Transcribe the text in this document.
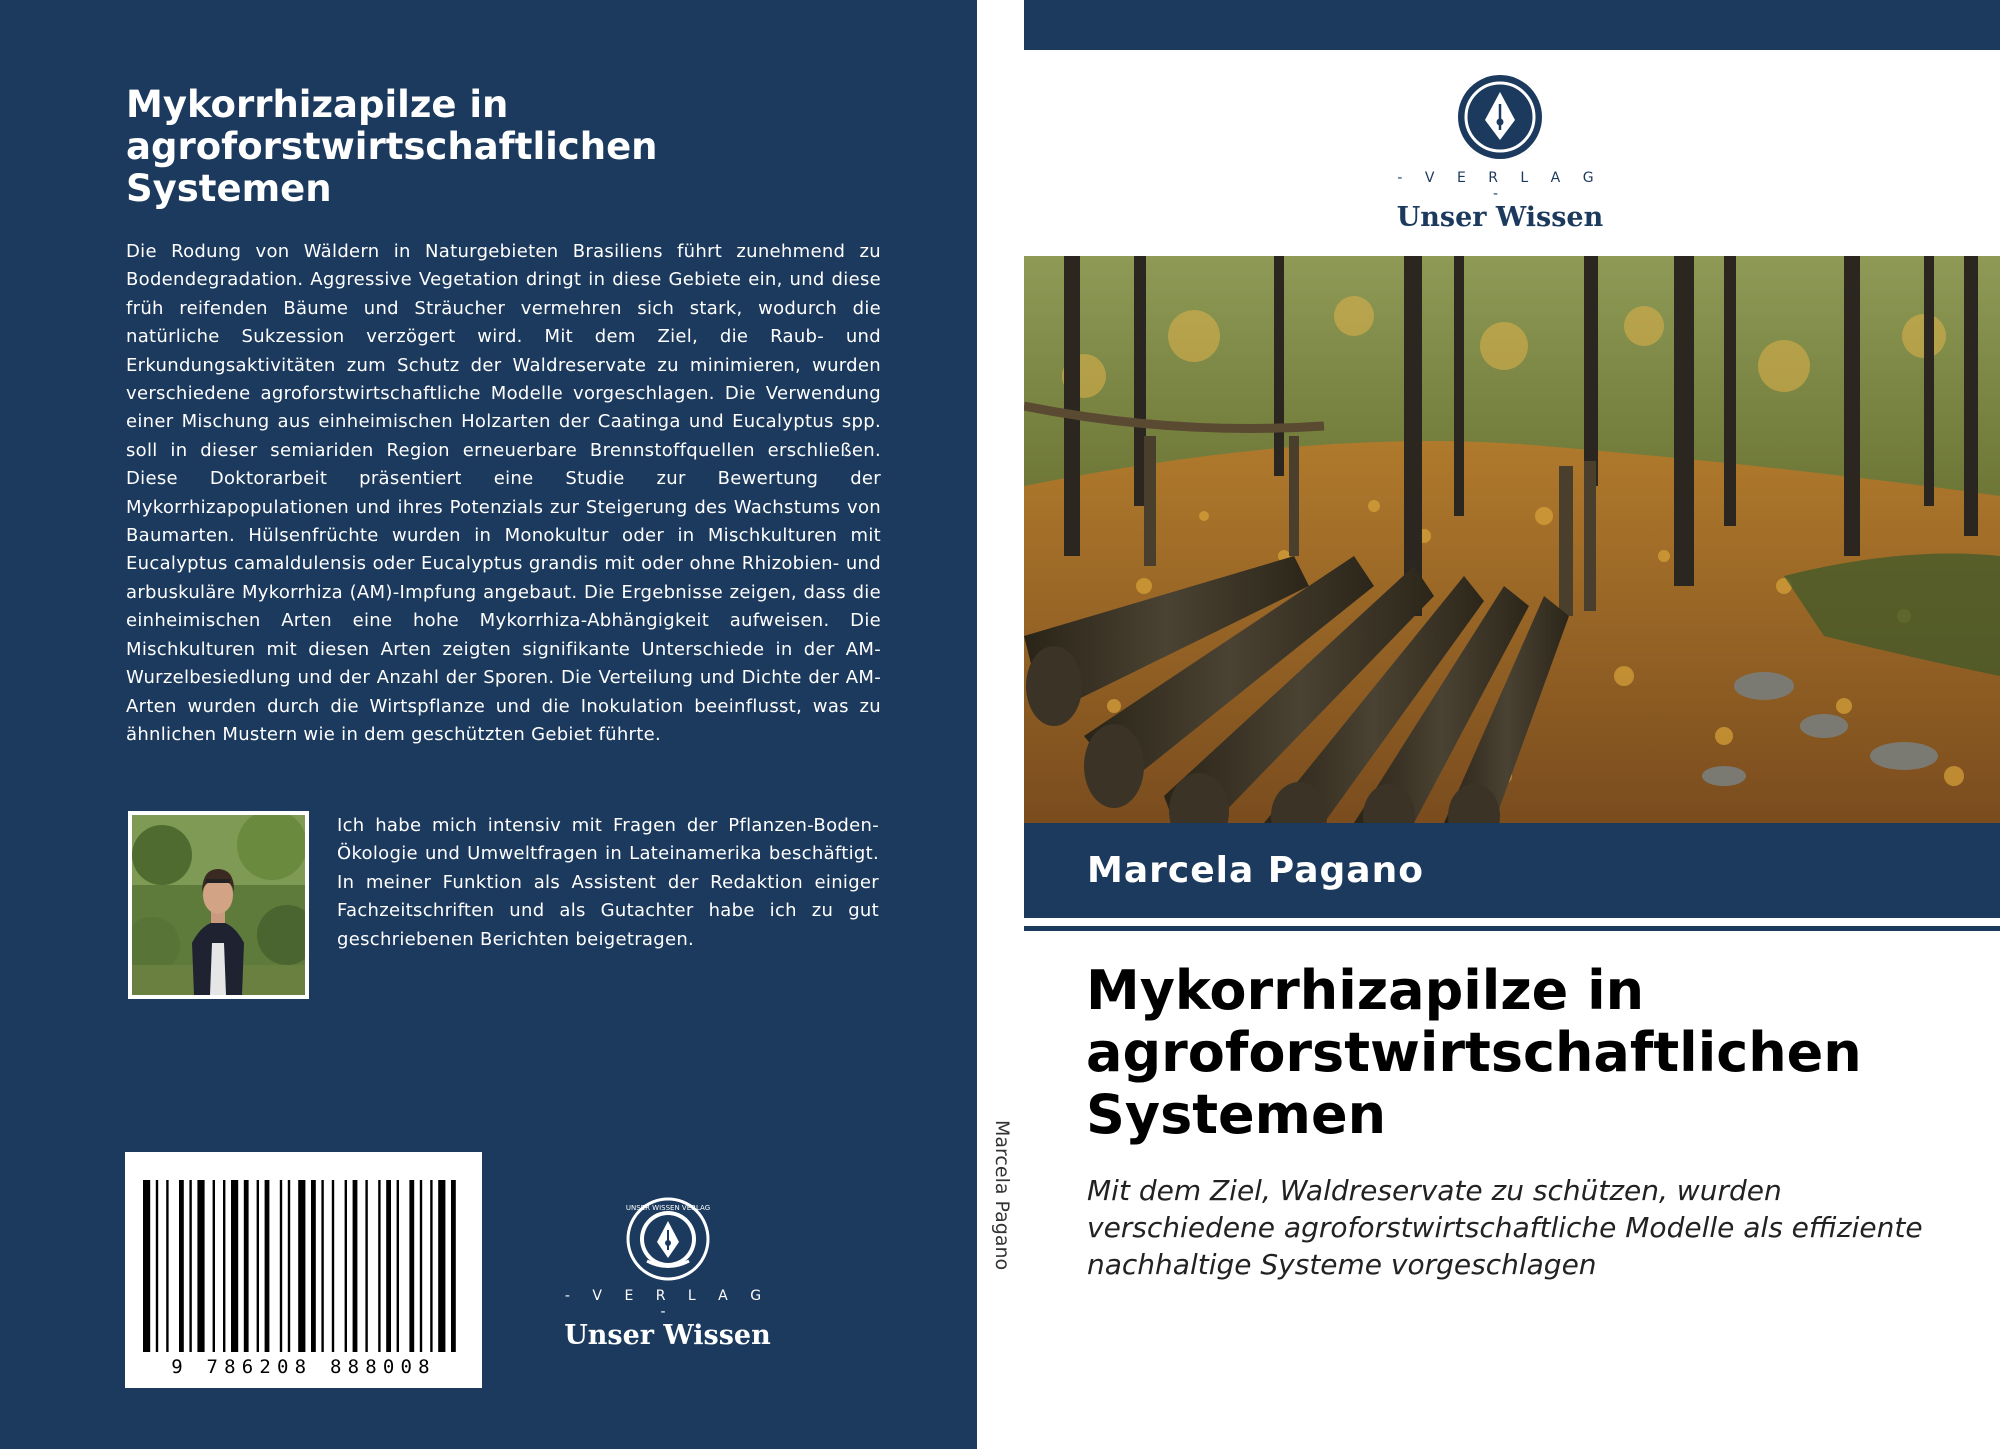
Mykorrhizapilze in agroforstwirtschaftlichen Systemen
Die Rodung von Wäldern in Naturgebieten Brasiliens führt zunehmend zu Bodendegradation. Aggressive Vegetation dringt in diese Gebiete ein, und diese früh reifenden Bäume und Sträucher vermehren sich stark, wodurch die natürliche Sukzession verzögert wird. Mit dem Ziel, die Raub- und Erkundungsaktivitäten zum Schutz der Waldreservate zu minimieren, wurden verschiedene agroforstwirtschaftliche Modelle vorgeschlagen. Die Verwendung einer Mischung aus einheimischen Holzarten der Caatinga und Eucalyptus spp. soll in dieser semiariden Region erneuerbare Brennstoffquellen erschließen. Diese Doktorarbeit präsentiert eine Studie zur Bewertung der Mykorrhizapopulationen und ihres Potenzials zur Steigerung des Wachstums von Baumarten. Hülsenfrüchte wurden in Monokultur oder in Mischkulturen mit Eucalyptus camaldulensis oder Eucalyptus grandis mit oder ohne Rhizobien- und arbuskuläre Mykorrhiza (AM)-Impfung angebaut. Die Ergebnisse zeigen, dass die einheimischen Arten eine hohe Mykorrhiza-Abhängigkeit aufweisen. Die Mischkulturen mit diesen Arten zeigten signifikante Unterschiede in der AM-Wurzelbesiedlung und der Anzahl der Sporen. Die Verteilung und Dichte der AM-Arten wurden durch die Wirtspflanze und die Inokulation beeinflusst, was zu ähnlichen Mustern wie in dem geschützten Gebiet führte.
Ich habe mich intensiv mit Fragen der Pflanzen-Boden-Ökologie und Umweltfragen in Lateinamerika beschäftigt. In meiner Funktion als Assistent der Redaktion einiger Fachzeitschriften und als Gutachter habe ich zu gut geschriebenen Berichten beigetragen.
9 786208 888008
UNSER WISSEN VERLAG
- V E R L A G -
Unser Wissen
Marcela Pagano
- V E R L A G -
Unser Wissen
Marcela Pagano
Mykorrhizapilze in agroforstwirtschaftlichen Systemen
Mit dem Ziel, Waldreservate zu schützen, wurden verschiedene agroforstwirtschaftliche Modelle als effiziente nachhaltige Systeme vorgeschlagen
